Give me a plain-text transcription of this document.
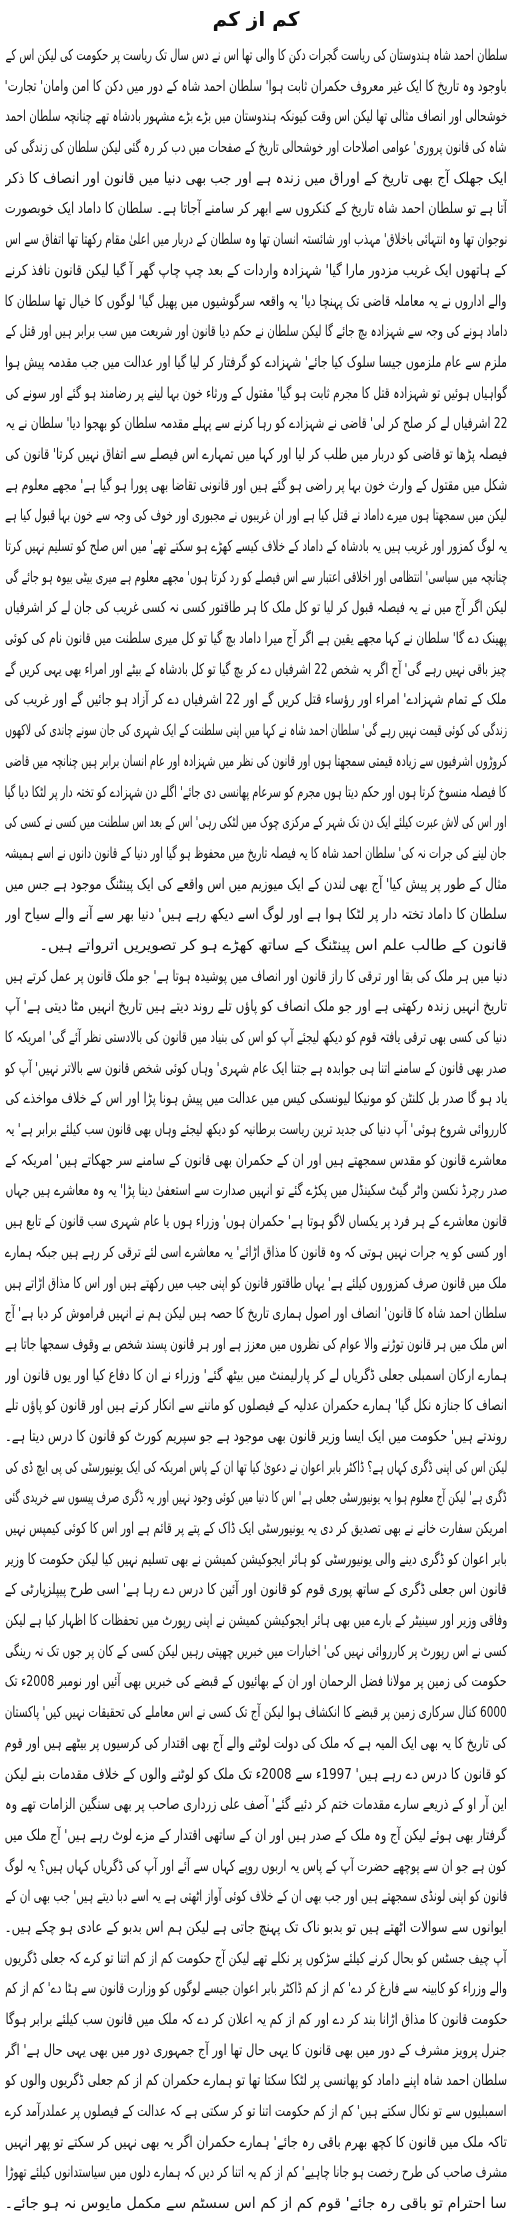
کم از کم
سلطان احمد شاہ ہندوستان کی ریاست گجرات دکن کا والی تھا اس نے دس سال تک ریاست پر حکومت کی لیکن اس کے
باوجود وہ تاریخ کا ایک غیر معروف حکمران ثابت ہوا' سلطان احمد شاہ کے دور میں دکن کا امن وامان' تجارت'
خوشحالی اور انصاف مثالی تھا لیکن اس وقت کیونکہ ہندوستان میں بڑے بڑے مشہور بادشاہ تھے چنانچہ سلطان احمد
شاہ کی قانون پروری' عوامی اصلاحات اور خوشحالی تاریخ کے صفحات میں دب کر رہ گئی لیکن سلطان کی زندگی کی
ایک جھلک آج بھی تاریخ کے اوراق میں زندہ ہے اور جب بھی دنیا میں قانون اور انصاف کا ذکر
آتا ہے تو سلطان احمد شاہ تاریخ کے کنکروں سے ابھر کر سامنے آجاتا ہے۔ سلطان کا داماد ایک خوبصورت
نوجوان تھا وہ انتہائی باخلاق' مہذب اور شائستہ انسان تھا وہ سلطان کے دربار میں اعلیٰ مقام رکھتا تھا اتفاق سے اس
کے ہاتھوں ایک غریب مزدور مارا گیا' شہزادہ واردات کے بعد چپ چاپ گھر آ گیا لیکن قانون نافذ کرنے
والے اداروں نے یہ معاملہ قاضی تک پہنچا دیا' یہ واقعہ سرگوشیوں میں پھیل گیا' لوگوں کا خیال تھا سلطان کا
داماد ہونے کی وجہ سے شہزادہ بچ جائے گا لیکن سلطان نے حکم دیا قانون اور شریعت میں سب برابر ہیں اور قتل کے
ملزم سے عام ملزموں جیسا سلوک کیا جائے' شہزادے کو گرفتار کر لیا گیا اور عدالت میں جب مقدمہ پیش ہوا
گواہیاں ہوئیں تو شہزادہ قتل کا مجرم ثابت ہو گیا' مقتول کے ورثاء خون بہا لینے پر رضامند ہو گئے اور سونے کی
22 اشرفیاں لے کر صلح کر لی' قاضی نے شہزادے کو رہا کرنے سے پہلے مقدمہ سلطان کو بھجوا دیا' سلطان نے یہ
فیصلہ پڑھا تو قاضی کو دربار میں طلب کر لیا اور کہا میں تمہارے اس فیصلے سے اتفاق نہیں کرتا' قانون کی
شکل میں مقتول کے وارث خون بہا پر راضی ہو گئے ہیں اور قانونی تقاضا بھی پورا ہو گیا ہے' مجھے معلوم ہے
لیکن میں سمجھتا ہوں میرے داماد نے قتل کیا ہے اور ان غریبوں نے مجبوری اور خوف کی وجہ سے خون بہا قبول کیا ہے
یہ لوگ کمزور اور غریب ہیں یہ بادشاہ کے داماد کے خلاف کیسے کھڑے ہو سکتے تھے' میں اس صلح کو تسلیم نہیں کرتا
چنانچہ میں سیاسی' انتظامی اور اخلاقی اعتبار سے اس فیصلے کو رد کرتا ہوں' مجھے معلوم ہے میری بیٹی بیوہ ہو جائے گی
لیکن اگر آج میں نے یہ فیصلہ قبول کر لیا تو کل ملک کا ہر طاقتور کسی نہ کسی غریب کی جان لے کر اشرفیاں
پھینک دے گا' سلطان نے کہا مجھے یقین ہے اگر آج میرا داماد بچ گیا تو کل میری سلطنت میں قانون نام کی کوئی
چیز باقی نہیں رہے گی' آج اگر یہ شخص 22 اشرفیاں دے کر بچ گیا تو کل بادشاہ کے بیٹے اور امراء بھی یہی کریں گے
ملک کے تمام شہزادے' امراء اور رؤساء قتل کریں گے اور 22 اشرفیاں دے کر آزاد ہو جائیں گے اور غریب کی
زندگی کی کوئی قیمت نہیں رہے گی' سلطان احمد شاہ نے کہا میں اپنی سلطنت کے ایک شہری کی جان سونے چاندی کی لاکھوں
کروڑوں اشرفیوں سے زیادہ قیمتی سمجھتا ہوں اور قانون کی نظر میں شہزادہ اور عام انسان برابر ہیں چنانچہ میں قاضی
کا فیصلہ منسوخ کرتا ہوں اور حکم دیتا ہوں مجرم کو سرعام پھانسی دی جائے' اگلے دن شہزادے کو تختہ دار پر لٹکا دیا گیا
اور اس کی لاش عبرت کیلئے ایک دن تک شہر کے مرکزی چوک میں لٹکی رہی' اس کے بعد اس سلطنت میں کسی نے کسی کی
جان لینے کی جرات نہ کی' سلطان احمد شاہ کا یہ فیصلہ تاریخ میں محفوظ ہو گیا اور دنیا کے قانون دانوں نے اسے ہمیشہ
مثال کے طور پر پیش کیا' آج بھی لندن کے ایک میوزیم میں اس واقعے کی ایک پینٹنگ موجود ہے جس میں
سلطان کا داماد تختہ دار پر لٹکا ہوا ہے اور لوگ اسے دیکھ رہے ہیں' دنیا بھر سے آنے والے سیاح اور
قانون کے طالب علم اس پینٹنگ کے ساتھ کھڑے ہو کر تصویریں اترواتے ہیں۔
دنیا میں ہر ملک کی بقا اور ترقی کا راز قانون اور انصاف میں پوشیدہ ہوتا ہے' جو ملک قانون پر عمل کرتے ہیں
تاریخ انہیں زندہ رکھتی ہے اور جو ملک انصاف کو پاؤں تلے روند دیتے ہیں تاریخ انہیں مٹا دیتی ہے' آپ
دنیا کی کسی بھی ترقی یافتہ قوم کو دیکھ لیجئے آپ کو اس کی بنیاد میں قانون کی بالادستی نظر آئے گی' امریکہ کا
صدر بھی قانون کے سامنے اتنا ہی جوابدہ ہے جتنا ایک عام شہری' وہاں کوئی شخص قانون سے بالاتر نہیں' آپ کو
یاد ہو گا صدر بل کلنٹن کو مونیکا لیونسکی کیس میں عدالت میں پیش ہونا پڑا اور اس کے خلاف مواخذے کی
کارروائی شروع ہوئی' آپ دنیا کی جدید ترین ریاست برطانیہ کو دیکھ لیجئے وہاں بھی قانون سب کیلئے برابر ہے' یہ
معاشرے قانون کو مقدس سمجھتے ہیں اور ان کے حکمران بھی قانون کے سامنے سر جھکاتے ہیں' امریکہ کے
صدر رچرڈ نکسن واٹر گیٹ سکینڈل میں پکڑے گئے تو انہیں صدارت سے استعفیٰ دینا پڑا' یہ وہ معاشرے ہیں جہاں
قانون معاشرے کے ہر فرد پر یکساں لاگو ہوتا ہے' حکمران ہوں' وزراء ہوں یا عام شہری سب قانون کے تابع ہیں
اور کسی کو یہ جرات نہیں ہوتی کہ وہ قانون کا مذاق اڑائے' یہ معاشرے اسی لئے ترقی کر رہے ہیں جبکہ ہمارے
ملک میں قانون صرف کمزوروں کیلئے ہے' یہاں طاقتور قانون کو اپنی جیب میں رکھتے ہیں اور اس کا مذاق اڑاتے ہیں
سلطان احمد شاہ کا قانون' انصاف اور اصول ہماری تاریخ کا حصہ ہیں لیکن ہم نے انہیں فراموش کر دیا ہے' آج
اس ملک میں ہر قانون توڑنے والا عوام کی نظروں میں معزز ہے اور ہر قانون پسند شخص بے وقوف سمجھا جاتا ہے
ہمارے ارکان اسمبلی جعلی ڈگریاں لے کر پارلیمنٹ میں بیٹھ گئے' وزراء نے ان کا دفاع کیا اور یوں قانون اور
انصاف کا جنازہ نکل گیا' ہمارے حکمران عدلیہ کے فیصلوں کو ماننے سے انکار کرتے ہیں اور قانون کو پاؤں تلے
روندتے ہیں' حکومت میں ایک ایسا وزیر قانون بھی موجود ہے جو سپریم کورٹ کو قانون کا درس دیتا ہے۔
لیکن اس کی اپنی ڈگری کہاں ہے؟ ڈاکٹر بابر اعوان نے دعویٰ کیا تھا ان کے پاس امریکہ کی ایک یونیورسٹی کی پی ایچ ڈی کی
ڈگری ہے' لیکن آج معلوم ہوا یہ یونیورسٹی جعلی ہے' اس کا دنیا میں کوئی وجود نہیں اور یہ ڈگری صرف پیسوں سے خریدی گئی
امریکن سفارت خانے نے بھی تصدیق کر دی یہ یونیورسٹی ایک ڈاک کے پتے پر قائم ہے اور اس کا کوئی کیمپس نہیں
بابر اعوان کو ڈگری دینے والی یونیورسٹی کو ہائر ایجوکیشن کمیشن نے بھی تسلیم نہیں کیا لیکن حکومت کا وزیر
قانون اس جعلی ڈگری کے ساتھ پوری قوم کو قانون اور آئین کا درس دے رہا ہے' اسی طرح پیپلزپارٹی کے
وفاقی وزیر اور سینیٹر کے بارے میں بھی ہائر ایجوکیشن کمیشن نے اپنی رپورٹ میں تحفظات کا اظہار کیا ہے لیکن
کسی نے اس رپورٹ پر کارروائی نہیں کی' اخبارات میں خبریں چھپتی رہیں لیکن کسی کے کان پر جوں تک نہ رینگی
حکومت کی زمین پر مولانا فضل الرحمان اور ان کے بھائیوں کے قبضے کی خبریں بھی آئیں اور نومبر 2008ء تک
6000 کنال سرکاری زمین پر قبضے کا انکشاف ہوا لیکن آج تک کسی نے اس معاملے کی تحقیقات نہیں کیں' پاکستان
کی تاریخ کا یہ بھی ایک المیہ ہے کہ ملک کی دولت لوٹنے والے آج بھی اقتدار کی کرسیوں پر بیٹھے ہیں اور قوم
کو قانون کا درس دے رہے ہیں' 1997ء سے 2008ء تک ملک کو لوٹنے والوں کے خلاف مقدمات بنے لیکن
این آر او کے ذریعے سارے مقدمات ختم کر دئیے گئے' آصف علی زرداری صاحب پر بھی سنگین الزامات تھے وہ
گرفتار بھی ہوئے لیکن آج وہ ملک کے صدر ہیں اور ان کے ساتھی اقتدار کے مزے لوٹ رہے ہیں' آج ملک میں
کون ہے جو ان سے پوچھے حضرت آپ کے پاس یہ اربوں روپے کہاں سے آئے اور آپ کی ڈگریاں کہاں ہیں؟ یہ لوگ
قانون کو اپنی لونڈی سمجھتے ہیں اور جب بھی ان کے خلاف کوئی آواز اٹھتی ہے یہ اسے دبا دیتے ہیں' جب بھی ان کے
ایوانوں سے سوالات اٹھتے ہیں تو بدبو ناک تک پہنچ جاتی ہے لیکن ہم اس بدبو کے عادی ہو چکے ہیں۔
آپ چیف جسٹس کو بحال کرنے کیلئے سڑکوں پر نکلے تھے لیکن آج حکومت کم از کم اتنا تو کرے کہ جعلی ڈگریوں
والے وزراء کو کابینہ سے فارغ کر دے' کم از کم ڈاکٹر بابر اعوان جیسے لوگوں کو وزارت قانون سے ہٹا دے' کم از کم
حکومت قانون کا مذاق اڑانا بند کر دے اور کم از کم یہ اعلان کر دے کہ ملک میں قانون سب کیلئے برابر ہوگا
جنرل پرویز مشرف کے دور میں بھی قانون کا یہی حال تھا اور آج جمہوری دور میں بھی یہی حال ہے' اگر
سلطان احمد شاہ اپنے داماد کو پھانسی پر لٹکا سکتا تھا تو ہمارے حکمران کم از کم جعلی ڈگریوں والوں کو
اسمبلیوں سے تو نکال سکتے ہیں' کم از کم حکومت اتنا تو کر سکتی ہے کہ عدالت کے فیصلوں پر عملدرآمد کرے
تاکہ ملک میں قانون کا کچھ بھرم باقی رہ جائے' ہمارے حکمران اگر یہ بھی نہیں کر سکتے تو پھر انہیں
مشرف صاحب کی طرح رخصت ہو جانا چاہیے' کم از کم یہ اتنا کر دیں کہ ہمارے دلوں میں سیاستدانوں کیلئے تھوڑا
سا احترام تو باقی رہ جائے' قوم کم از کم اس سسٹم سے مکمل مایوس نہ ہو جائے۔
